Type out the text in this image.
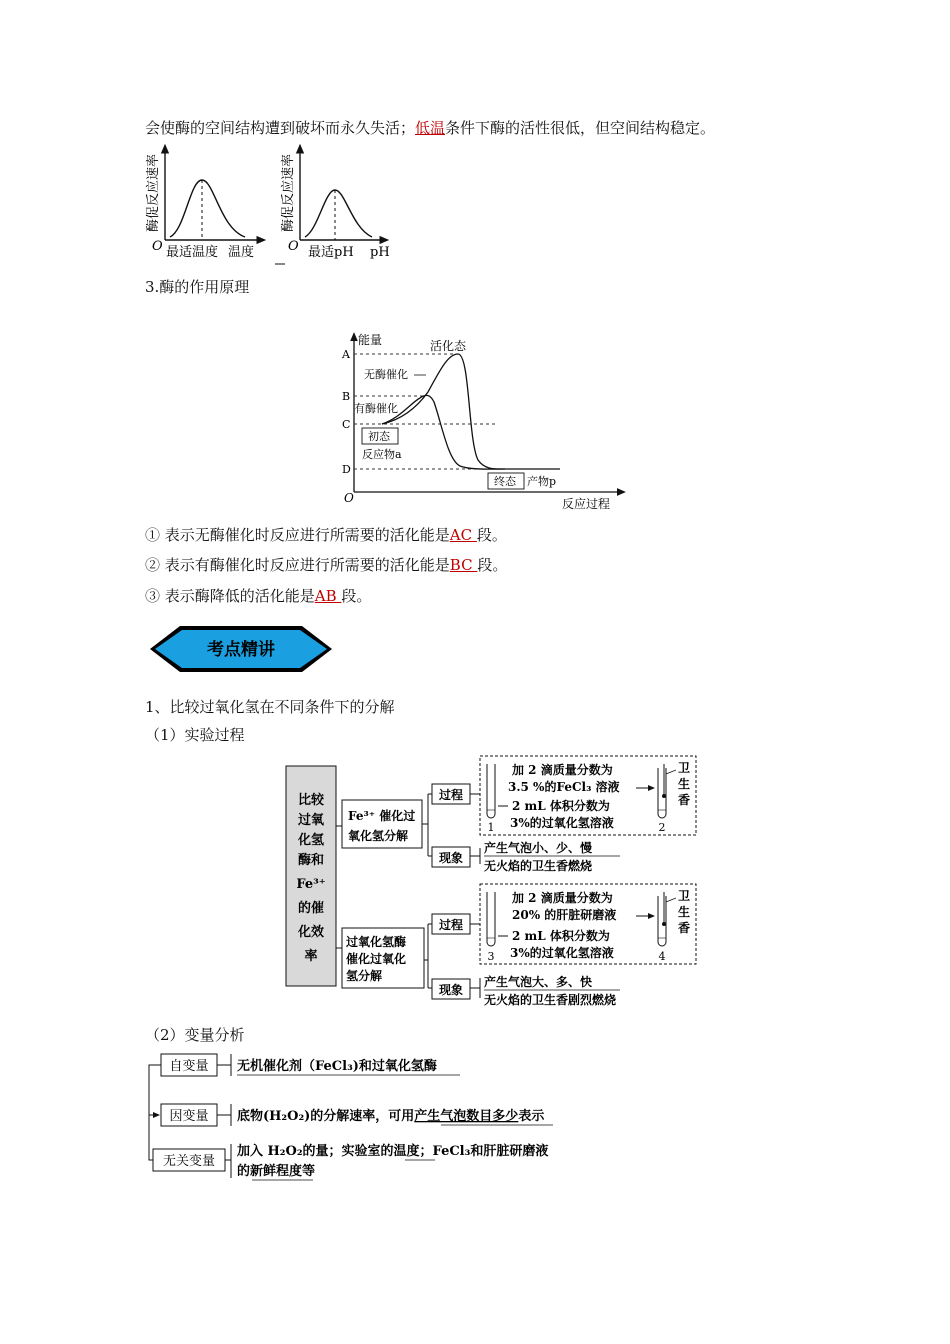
会使酶的空间结构遭到破坏而永久失活；低温条件下酶的活性很低，但空间结构稳定。
酶促反应速率
O 最适温度 温度
酶促反应速率
O 最适pH pH
3.酶的作用原理
A
B
C
D
O
能量
反应过程
活化态
无酶催化
有酶催化
初态
反应物a
终态 产物p
① 表示无酶催化时反应进行所需要的活化能是AC 段。
② 表示有酶催化时反应进行所需要的活化能是BC 段。
③ 表示酶降低的活化能是AB 段。
考点精讲
1、比较过氧化氢在不同条件下的分解
（1）实验过程
比较
过氧
化氢
酶和
Fe³⁺
的催
化效
率
Fe³⁺ 催化过
氧化氢分解
过氧化氢酶
催化过氧化
氢分解
过程
现象
1
加 2 滴质量分数为
3.5 %的FeCl₃ 溶液
2 mL 体积分数为
3%的过氧化氢溶液	2
卫
生
香
产生气泡小、少、慢
无火焰的卫生香燃烧
过程
现象
3
加 2 滴质量分数为
20% 的肝脏研磨液
2 mL 体积分数为
3%的过氧化氢溶液	4
卫
生
香
产生气泡大、多、快
无火焰的卫生香剧烈燃烧
（2）变量分析
自变量
因变量
无关变量
无机催化剂（FeCl₃)和过氧化氢酶
底物(H₂O₂)的分解速率，可用产生气泡数目多少表示
加入 H₂O₂的量；实验室的温度；FeCl₃和肝脏研磨液
的新鲜程度等
